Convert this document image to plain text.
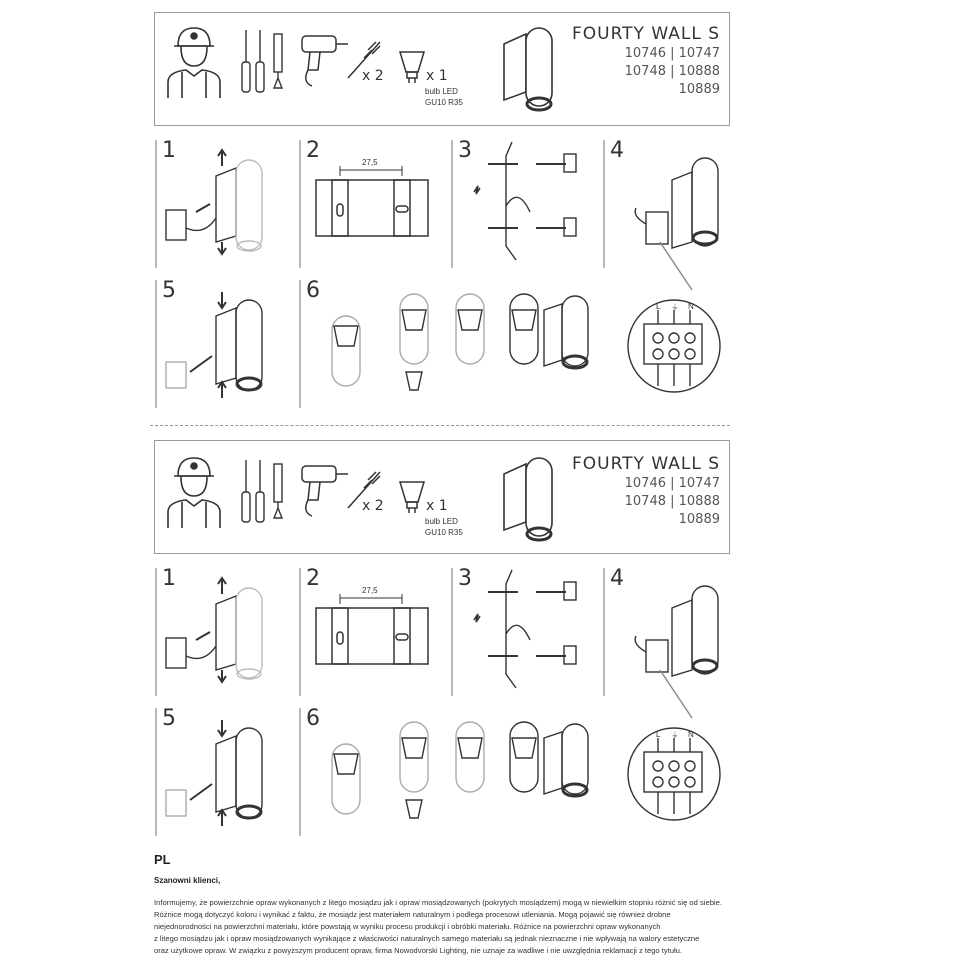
x 2	x 1
bulb LED
GU10 R35
FOURTY WALL S
10746 | 10747
10748 | 10888
10889
1	2	3	4
5	6
27,5
L ⏚ N
x 2	x 1
bulb LED
GU10 R35
FOURTY WALL S
10746 | 10747
10748 | 10888
10889
1	2	3	4
5	6
27,5
L ⏚ N
PL
Szanowni klienci,
Informujemy, że powierzchnie opraw wykonanych z litego mosiądzu jak i opraw mosiądzowanych (pokrytych mosiądzem) mogą w niewielkim stopniu różnić się od siebie.
Różnice mogą dotyczyć koloru i wynikać z faktu, że mosiądz jest materiałem naturalnym i podlega procesowi utleniania. Mogą pojawić się również drobne
niejednorodności na powierzchni materiału, które powstają w wyniku procesu produkcji i obróbki materiału. Różnice na powierzchni opraw wykonanych
z litego mosiądzu jak i opraw mosiądzowanych wynikające z właściwości naturalnych samego materiału są jednak nieznaczne i nie wpływają na walory estetyczne
oraz użytkowe opraw. W związku z powyższym producent opraw, firma Nowodvorski Lighting, nie uznaje za wadliwe i nie uwzględnia reklamacji z tego tytułu.
